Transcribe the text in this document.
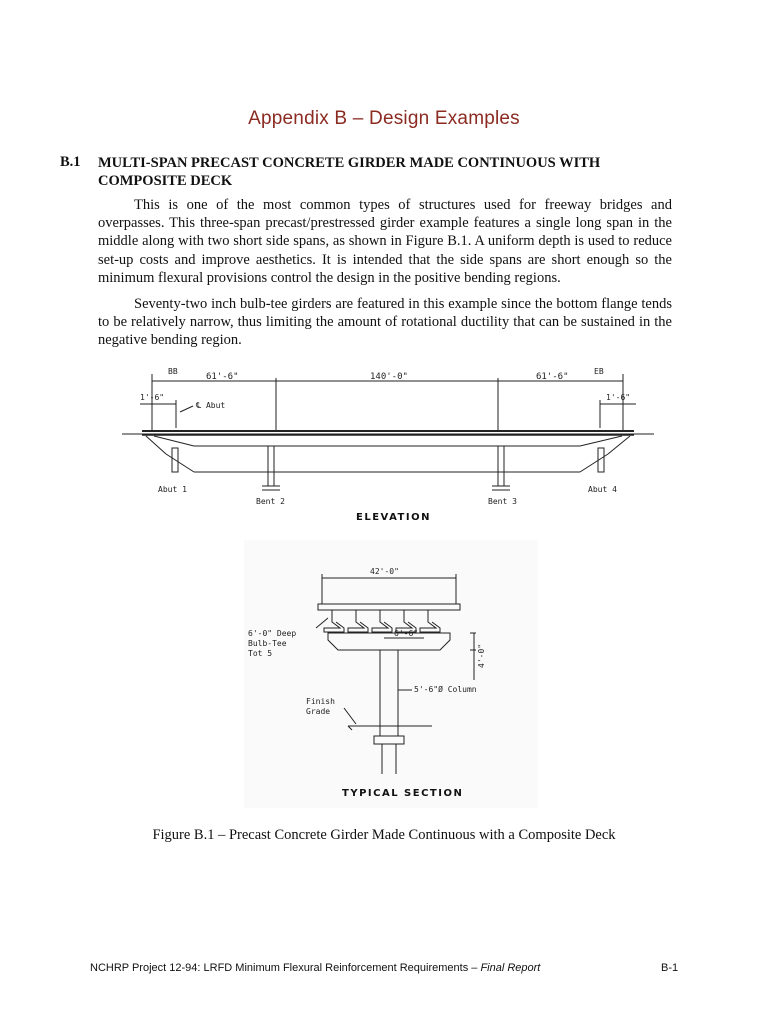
Appendix B – Design Examples
B.1 MULTI-SPAN PRECAST CONCRETE GIRDER MADE CONTINUOUS WITH COMPOSITE DECK

This is one of the most common types of structures used for freeway bridges and overpasses. This three-span precast/prestressed girder example features a single long span in the middle along with two short side spans, as shown in Figure B.1. A uniform depth is used to reduce set-up costs and improve aesthetics. It is intended that the side spans are short enough so the minimum flexural provisions control the design in the positive bending regions.

Seventy-two inch bulb-tee girders are featured in this example since the bottom flange tends to be relatively narrow, thus limiting the amount of rotational ductility that can be sustained in the negative bending region.

BB	EB
61'-6"	140'-0"	61'-6"
1'-6"	1'-6"
℄ Abut
Abut 1
Bent 2	Bent 3
Abut 4
ELEVATION
42'-0"
6'-0" Deep
Bulb-Tee
Tot 5
6'-6"
4'-0"
5'-6"Ø Column
Finish
Grade
TYPICAL SECTION
Figure B.1 – Precast Concrete Girder Made Continuous with a Composite Deck
NCHRP Project 12-94: LRFD Minimum Flexural Reinforcement Requirements – Final Report	B-1
